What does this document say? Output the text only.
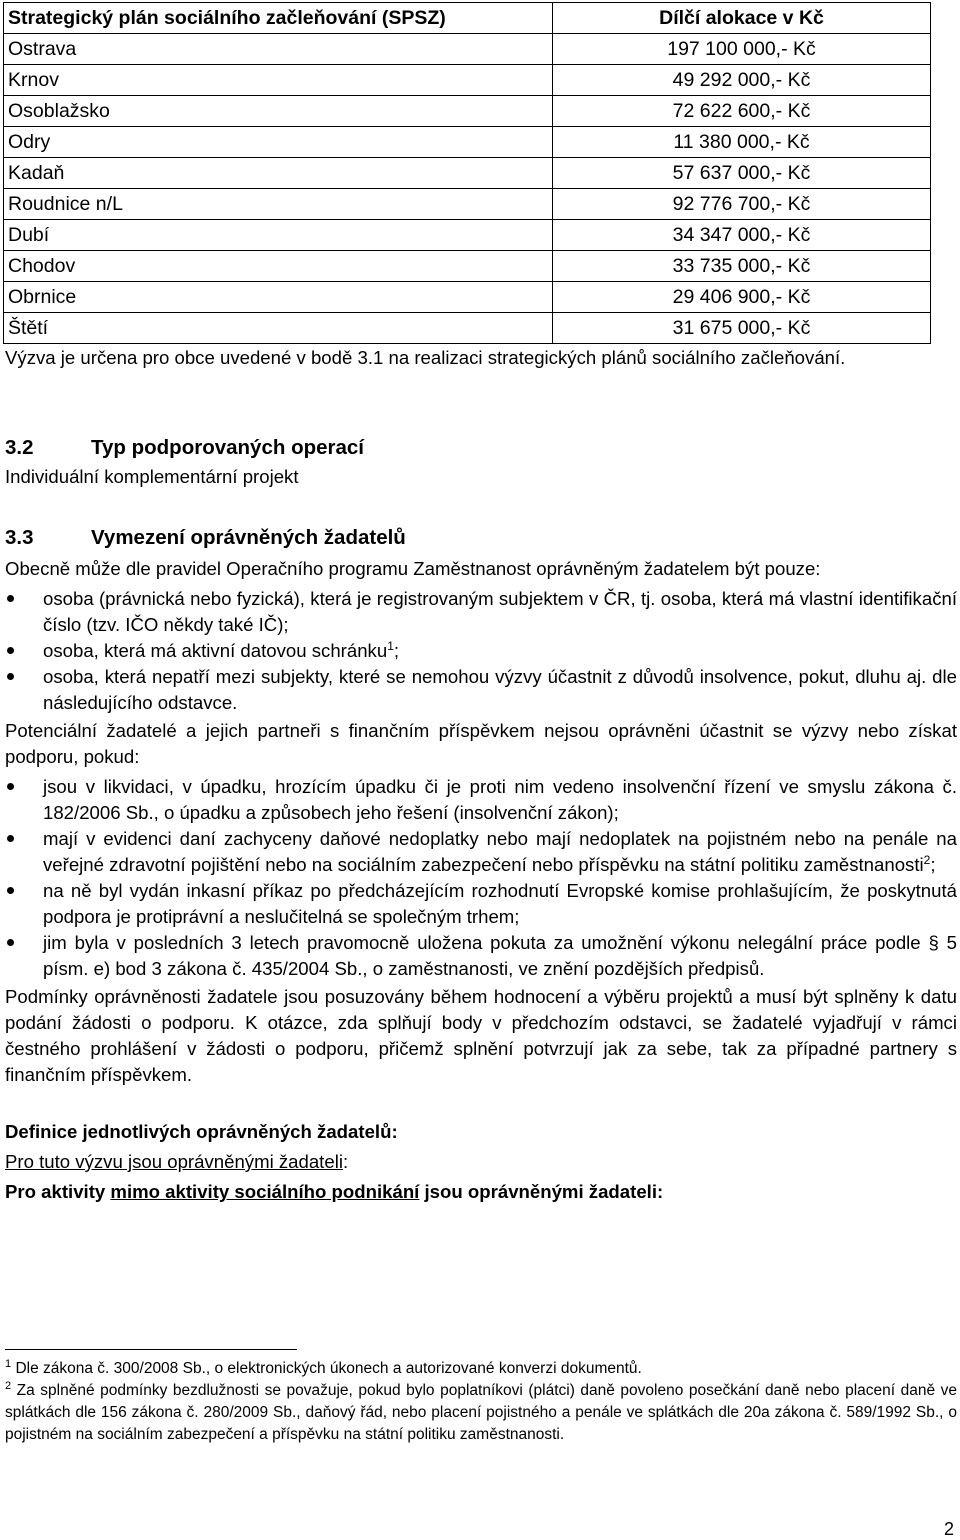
Strategický plán sociálního začleňování (SPSZ)	Dílčí alokace v Kč
Ostrava	197 100 000,- Kč
Krnov	49 292 000,- Kč
Osoblažsko	72 622 600,- Kč
Odry	11 380 000,- Kč
Kadaň	57 637 000,- Kč
Roudnice n/L	92 776 700,- Kč
Dubí	34 347 000,- Kč
Chodov	33 735 000,- Kč
Obrnice	29 406 900,- Kč
Štětí	31 675 000,- Kč

Výzva je určena pro obce uvedené v bodě 3.1 na realizaci strategických plánů sociálního začleňování.

3.2	Typ podporovaných operací
Individuální komplementární projekt
3.3	Vymezení oprávněných žadatelů

Obecně může dle pravidel Operačního programu Zaměstnanost oprávněným žadatelem být pouze:

osoba (právnická nebo fyzická), která je registrovaným subjektem v ČR, tj. osoba, která má vlastní identifikační číslo (tzv. IČO někdy také IČ);
osoba, která má aktivní datovou schránku$^1$;
osoba, která nepatří mezi subjekty, které se nemohou výzvy účastnit z důvodů insolvence, pokut, dluhu aj. dle následujícího odstavce.

Potenciální žadatelé a jejich partneři s finančním příspěvkem nejsou oprávněni účastnit se výzvy nebo získat podporu, pokud:

jsou v likvidaci, v úpadku, hrozícím úpadku či je proti nim vedeno insolvenční řízení ve smyslu zákona č. 182/2006 Sb., o úpadku a způsobech jeho řešení (insolvenční zákon);
mají v evidenci daní zachyceny daňové nedoplatky nebo mají nedoplatek na pojistném nebo na penále na veřejné zdravotní pojištění nebo na sociálním zabezpečení nebo příspěvku na státní politiku zaměstnanosti$^2$;
na ně byl vydán inkasní příkaz po předcházejícím rozhodnutí Evropské komise prohlašujícím, že poskytnutá podpora je protiprávní a neslučitelná se společným trhem;
jim byla v posledních 3 letech pravomocně uložena pokuta za umožnění výkonu nelegální práce podle § 5 písm. e) bod 3 zákona č. 435/2004 Sb., o zaměstnanosti, ve znění pozdějších předpisů.

Podmínky oprávněnosti žadatele jsou posuzovány během hodnocení a výběru projektů a musí být splněny k datu podání žádosti o podporu. K otázce, zda splňují body v předchozím odstavci, se žadatelé vyjadřují v rámci čestného prohlášení v žádosti o podporu, přičemž splnění potvrzují jak za sebe, tak za případné partnery s finančním příspěvkem.

Definice jednotlivých oprávněných žadatelů:

Pro tuto výzvu jsou oprávněnými žadateli:

Pro aktivity mimo aktivity sociálního podnikání jsou oprávněnými žadateli:

$^1$ Dle zákona č. 300/2008 Sb., o elektronických úkonech a autorizované konverzi dokumentů.
$^2$ Za splněné podmínky bezdlužnosti se považuje, pokud bylo poplatníkovi (plátci) daně povoleno posečkání daně nebo placení daně ve splátkách dle 156 zákona č. 280/2009 Sb., daňový řád, nebo placení pojistného a penále ve splátkách dle 20a zákona č. 589/1992 Sb., o pojistném na sociálním zabezpečení a příspěvku na státní politiku zaměstnanosti.
2
